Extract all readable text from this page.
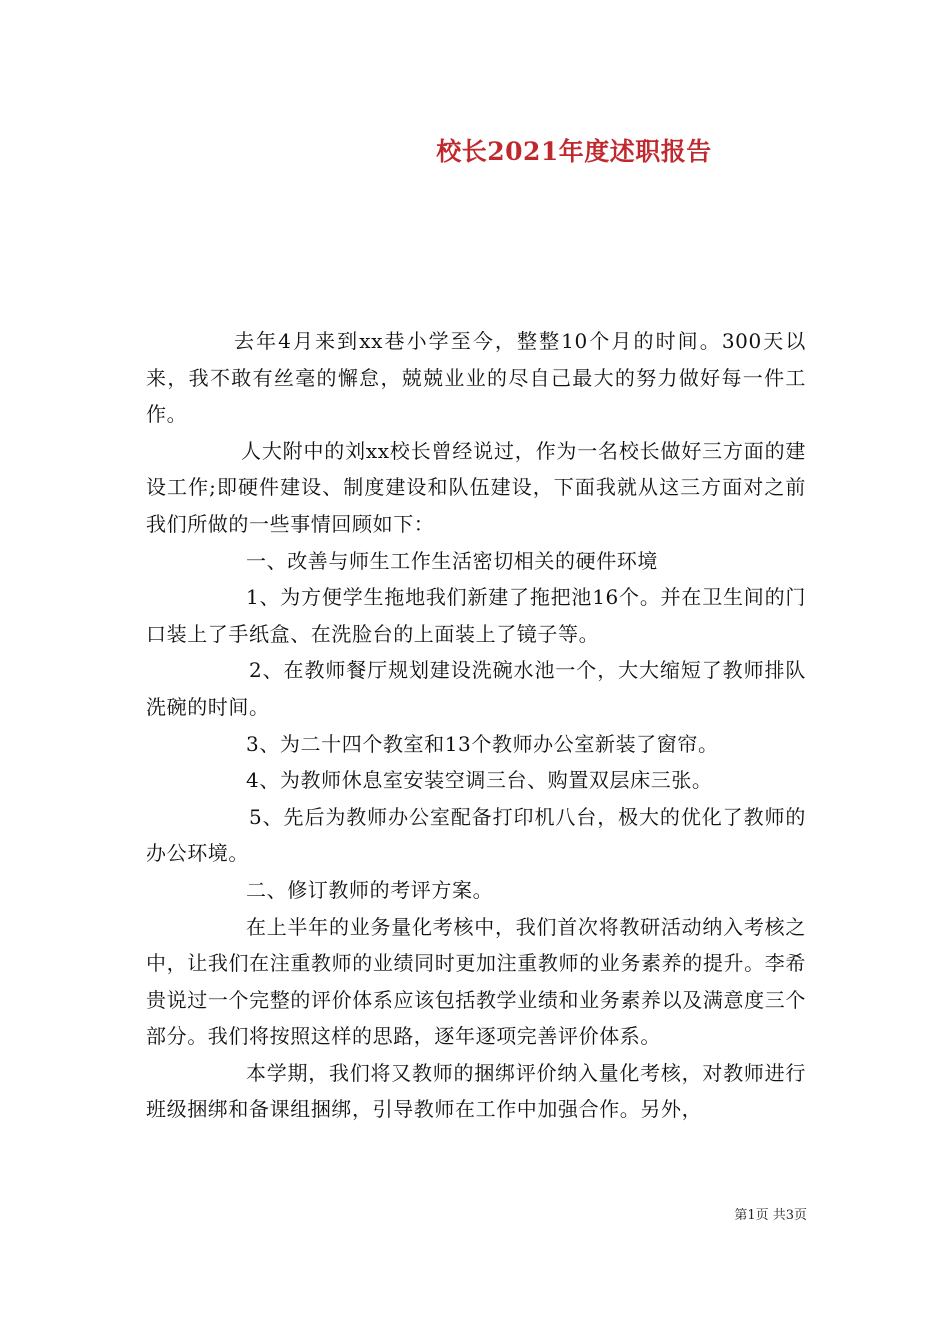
校长2021年度述职报告

去年4月来到xx巷小学至今，整整10个月的时间。300天以来，我不敢有丝毫的懈怠，兢兢业业的尽自己最大的努力做好每一件工作。

人大附中的刘xx校长曾经说过，作为一名校长做好三方面的建设工作;即硬件建设、制度建设和队伍建设，下面我就从这三方面对之前我们所做的一些事情回顾如下：

一、改善与师生工作生活密切相关的硬件环境

1、为方便学生拖地我们新建了拖把池16个。并在卫生间的门口装上了手纸盒、在洗脸台的上面装上了镜子等。

2、在教师餐厅规划建设洗碗水池一个，大大缩短了教师排队洗碗的时间。

3、为二十四个教室和13个教师办公室新装了窗帘。

4、为教师休息室安装空调三台、购置双层床三张。

5、先后为教师办公室配备打印机八台，极大的优化了教师的办公环境。

二、修订教师的考评方案。

在上半年的业务量化考核中，我们首次将教研活动纳入考核之中，让我们在注重教师的业绩同时更加注重教师的业务素养的提升。李希贵说过一个完整的评价体系应该包括教学业绩和业务素养以及满意度三个部分。我们将按照这样的思路，逐年逐项完善评价体系。

本学期，我们将又教师的捆绑评价纳入量化考核，对教师进行班级捆绑和备课组捆绑，引导教师在工作中加强合作。另外，

第1页 共3页
